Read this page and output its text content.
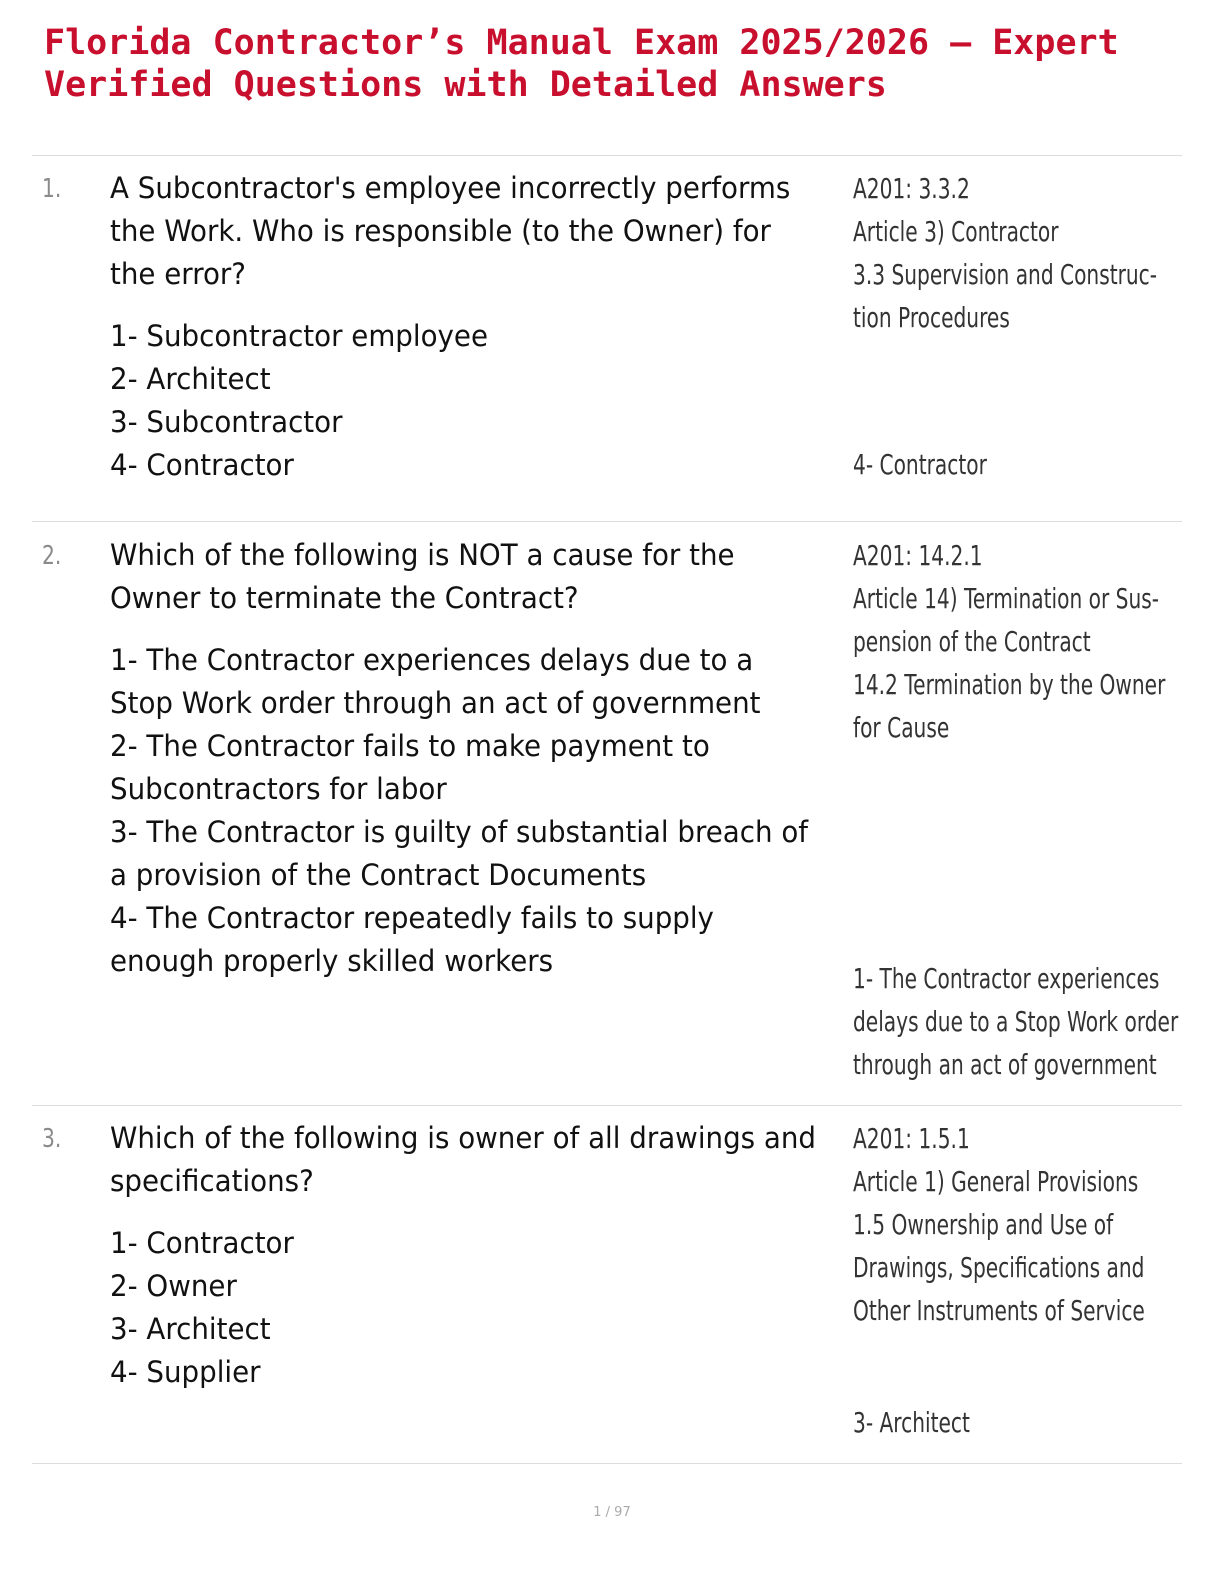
Florida Contractor’s Manual Exam 2025/2026 – Expert
Verified Questions with Detailed Answers
1. A Subcontractor's employee incorrectly performs the Work. Who is responsible (to the Owner) for the error?

1- Subcontractor employee

2- Architect

3- Subcontractor

4- Contractor

A201: 3.3.2
Article 3) Contractor
3.3 Supervision and Construc-
tion Procedures
4- Contractor
2. Which of the following is NOT a cause for the Owner to terminate the Contract?

1- The Contractor experiences delays due to a Stop Work order through an act of government

2- The Contractor fails to make payment to Subcontractors for labor

3- The Contractor is guilty of substantial breach of a provision of the Contract Documents

4- The Contractor repeatedly fails to supply enough properly skilled workers

A201: 14.2.1
Article 14) Termination or Sus-
pension of the Contract
14.2 Termination by the Owner
for Cause
1- The Contractor experiences
delays due to a Stop Work order
through an act of government
3. Which of the following is owner of all drawings and specifications?

1- Contractor

2- Owner

3- Architect

4- Supplier

A201: 1.5.1
Article 1) General Provisions
1.5 Ownership and Use of
Drawings, Specifications and
Other Instruments of Service
3- Architect
1 / 97
